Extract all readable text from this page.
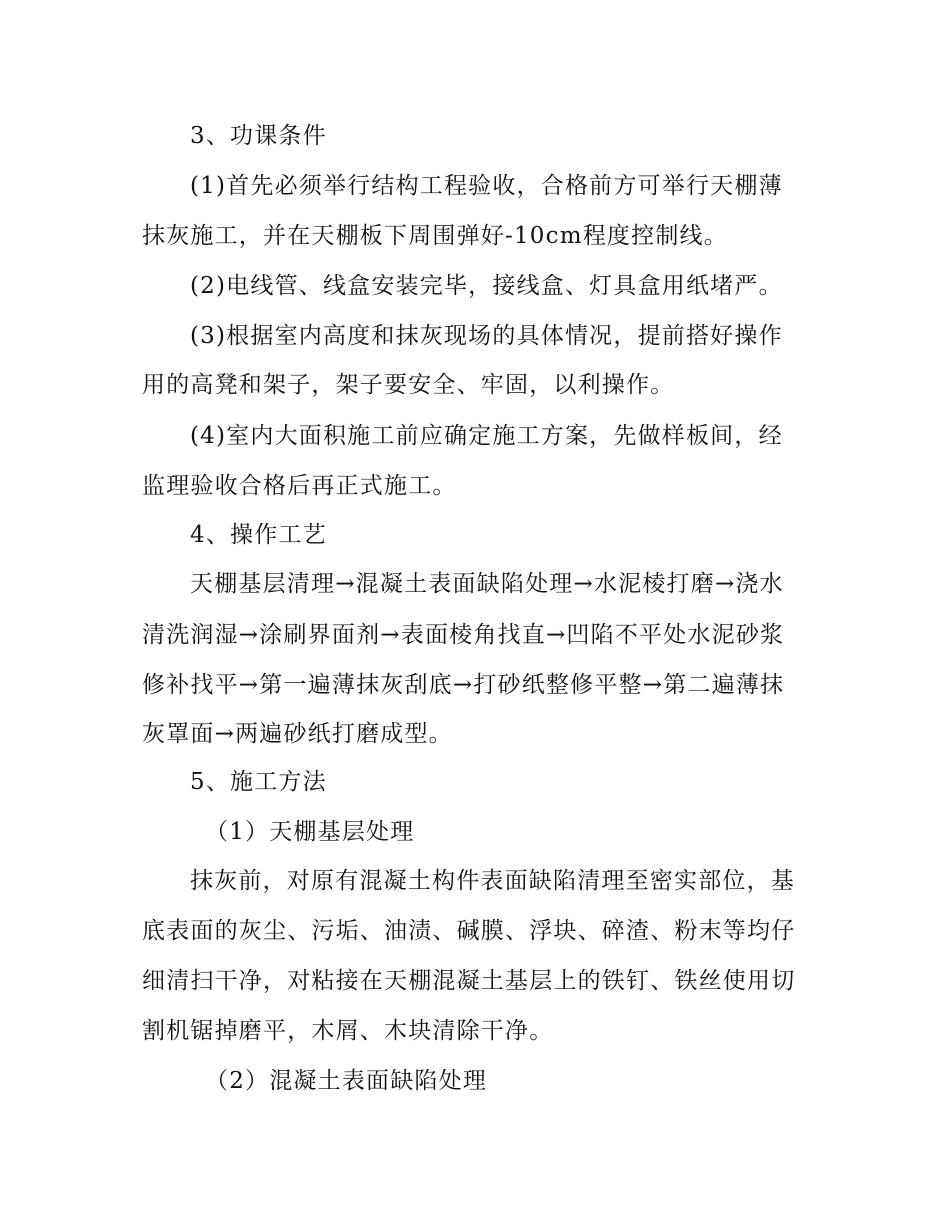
3、功课条件
(1)首先必须举行结构工程验收，合格前方可举行天棚薄
抹灰施工，并在天棚板下周围弹好-10cm程度控制线。
(2)电线管、线盒安装完毕，接线盒、灯具盒用纸堵严。
(3)根据室内高度和抹灰现场的具体情况，提前搭好操作
用的高凳和架子，架子要安全、牢固，以利操作。
(4)室内大面积施工前应确定施工方案，先做样板间，经
监理验收合格后再正式施工。
4、操作工艺
天棚基层清理→混凝土表面缺陷处理→水泥棱打磨→浇水
清洗润湿→涂刷界面剂→表面棱角找直→凹陷不平处水泥砂浆
修补找平→第一遍薄抹灰刮底→打砂纸整修平整→第二遍薄抹
灰罩面→两遍砂纸打磨成型。
5、施工方法
（1）天棚基层处理
抹灰前，对原有混凝土构件表面缺陷清理至密实部位，基
底表面的灰尘、污垢、油渍、碱膜、浮块、碎渣、粉末等均仔
细清扫干净，对粘接在天棚混凝土基层上的铁钉、铁丝使用切
割机锯掉磨平，木屑、木块清除干净。
（2）混凝土表面缺陷处理
